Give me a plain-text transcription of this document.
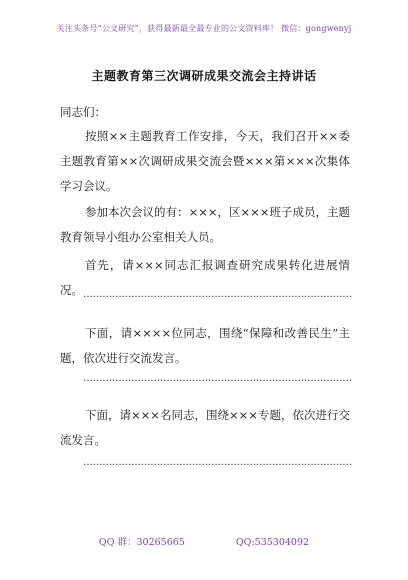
关注头条号“公文研究”，获得最新最全最专业的公文资料库！ 微信：gongwenyj
主题教育第三次调研成果交流会主持讲话
同志们：

按照××主题教育工作安排，今天，我们召开××委主题教育第××次调研成果交流会暨×××第×××次集体学习会议。

参加本次会议的有：×××，区×××班子成员，主题教育领导小组办公室相关人员。

首先，请×××同志汇报调查研究成果转化进展情况。 …………………………………………………………………………

下面，请××××位同志，围绕“保障和改善民生”主题，依次进行交流发言。

…………………………………………………………………………

下面，请×××名同志，围绕×××专题，依次进行交流发言。

…………………………………………………………………………
QQ 群：30265665	QQ:535304092
